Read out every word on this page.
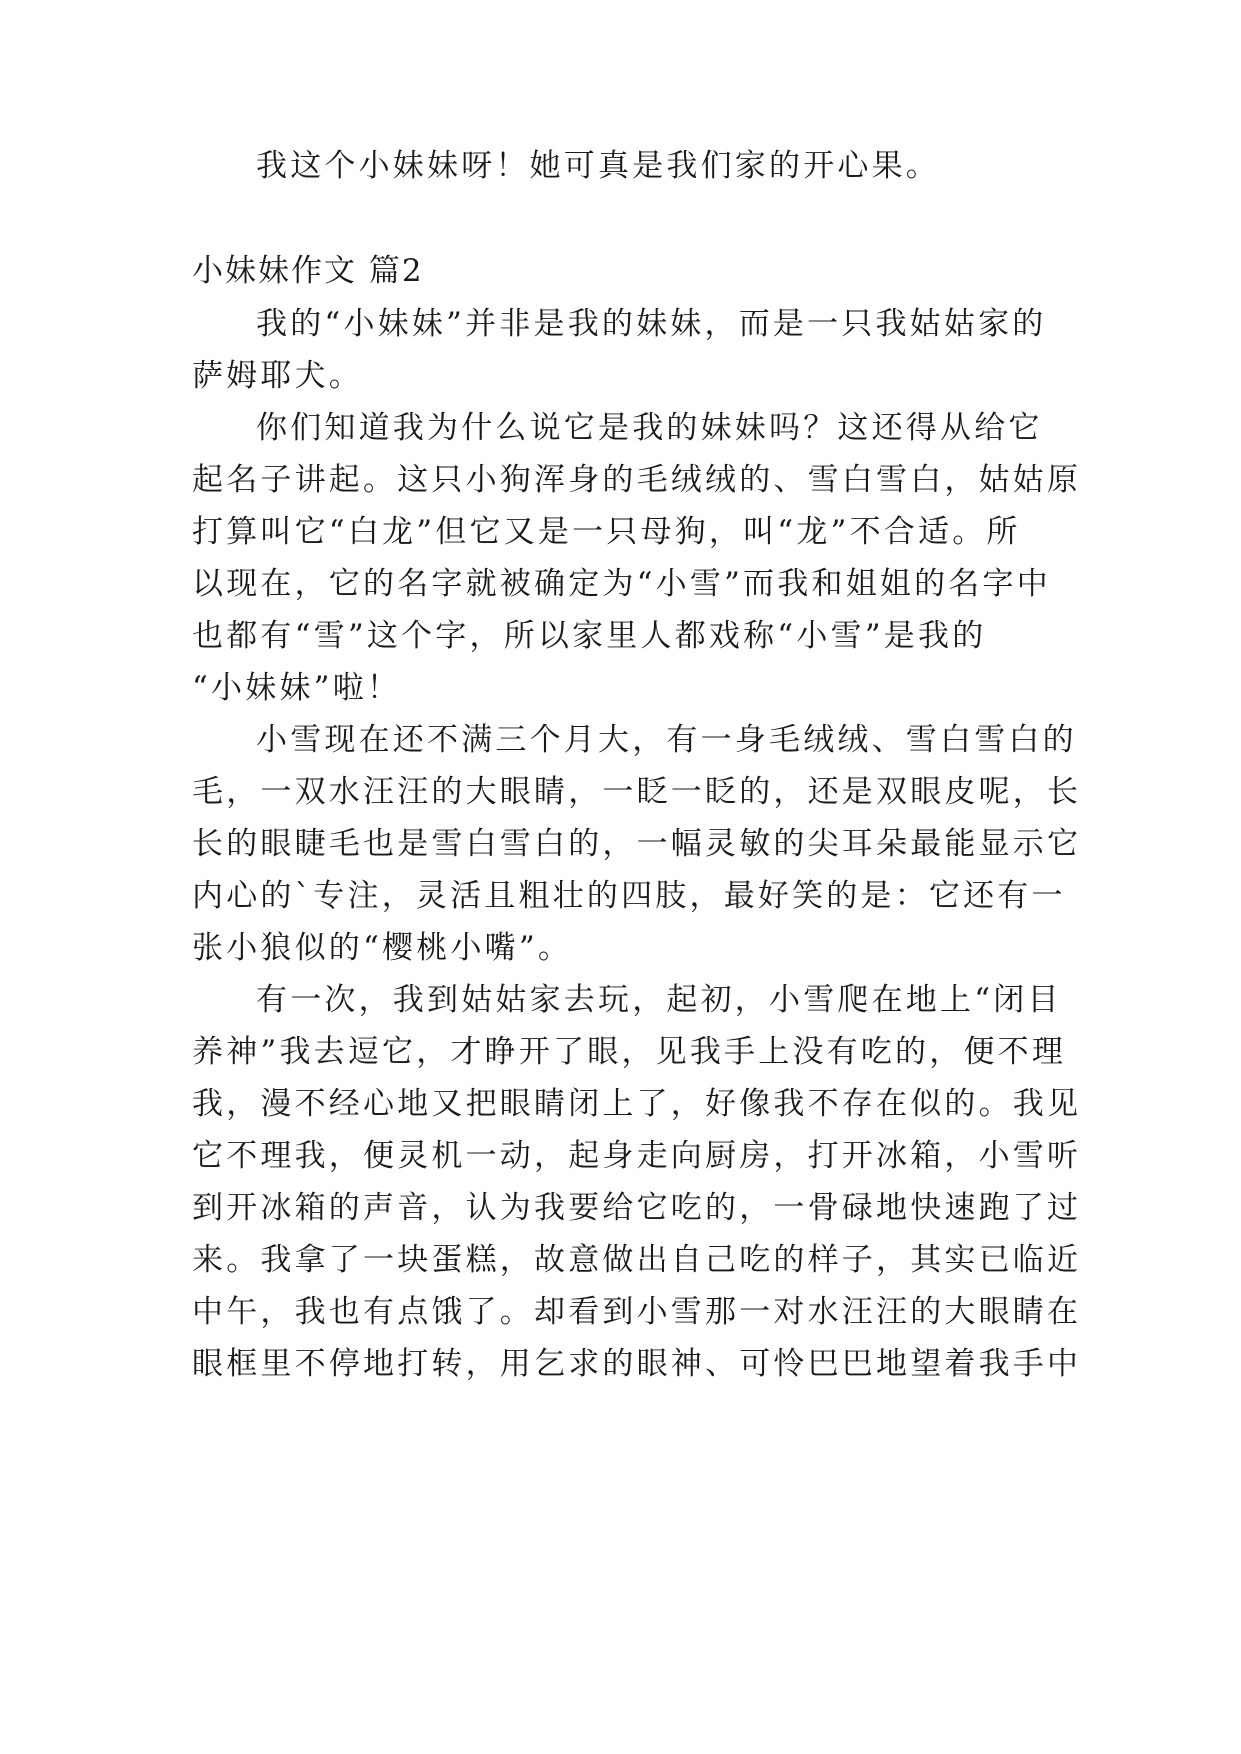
我这个小妹妹呀！她可真是我们家的开心果。
小妹妹作文 篇2
我的“小妹妹”并非是我的妹妹，而是一只我姑姑家的
萨姆耶犬。
你们知道我为什么说它是我的妹妹吗？这还得从给它
起名子讲起。这只小狗浑身的毛绒绒的、雪白雪白，姑姑原
打算叫它“白龙”但它又是一只母狗，叫“龙”不合适。所
以现在，它的名字就被确定为“小雪”而我和姐姐的名字中
也都有“雪”这个字，所以家里人都戏称“小雪”是我的
“小妹妹”啦！
小雪现在还不满三个月大，有一身毛绒绒、雪白雪白的
毛，一双水汪汪的大眼睛，一眨一眨的，还是双眼皮呢，长
长的眼睫毛也是雪白雪白的，一幅灵敏的尖耳朵最能显示它
内心的`专注，灵活且粗壮的四肢，最好笑的是：它还有一
张小狼似的“樱桃小嘴”。
有一次，我到姑姑家去玩，起初，小雪爬在地上“闭目
养神”我去逗它，才睁开了眼，见我手上没有吃的，便不理
我，漫不经心地又把眼睛闭上了，好像我不存在似的。我见
它不理我，便灵机一动，起身走向厨房，打开冰箱，小雪听
到开冰箱的声音，认为我要给它吃的，一骨碌地快速跑了过
来。我拿了一块蛋糕，故意做出自己吃的样子，其实已临近
中午，我也有点饿了。却看到小雪那一对水汪汪的大眼睛在
眼框里不停地打转，用乞求的眼神、可怜巴巴地望着我手中
